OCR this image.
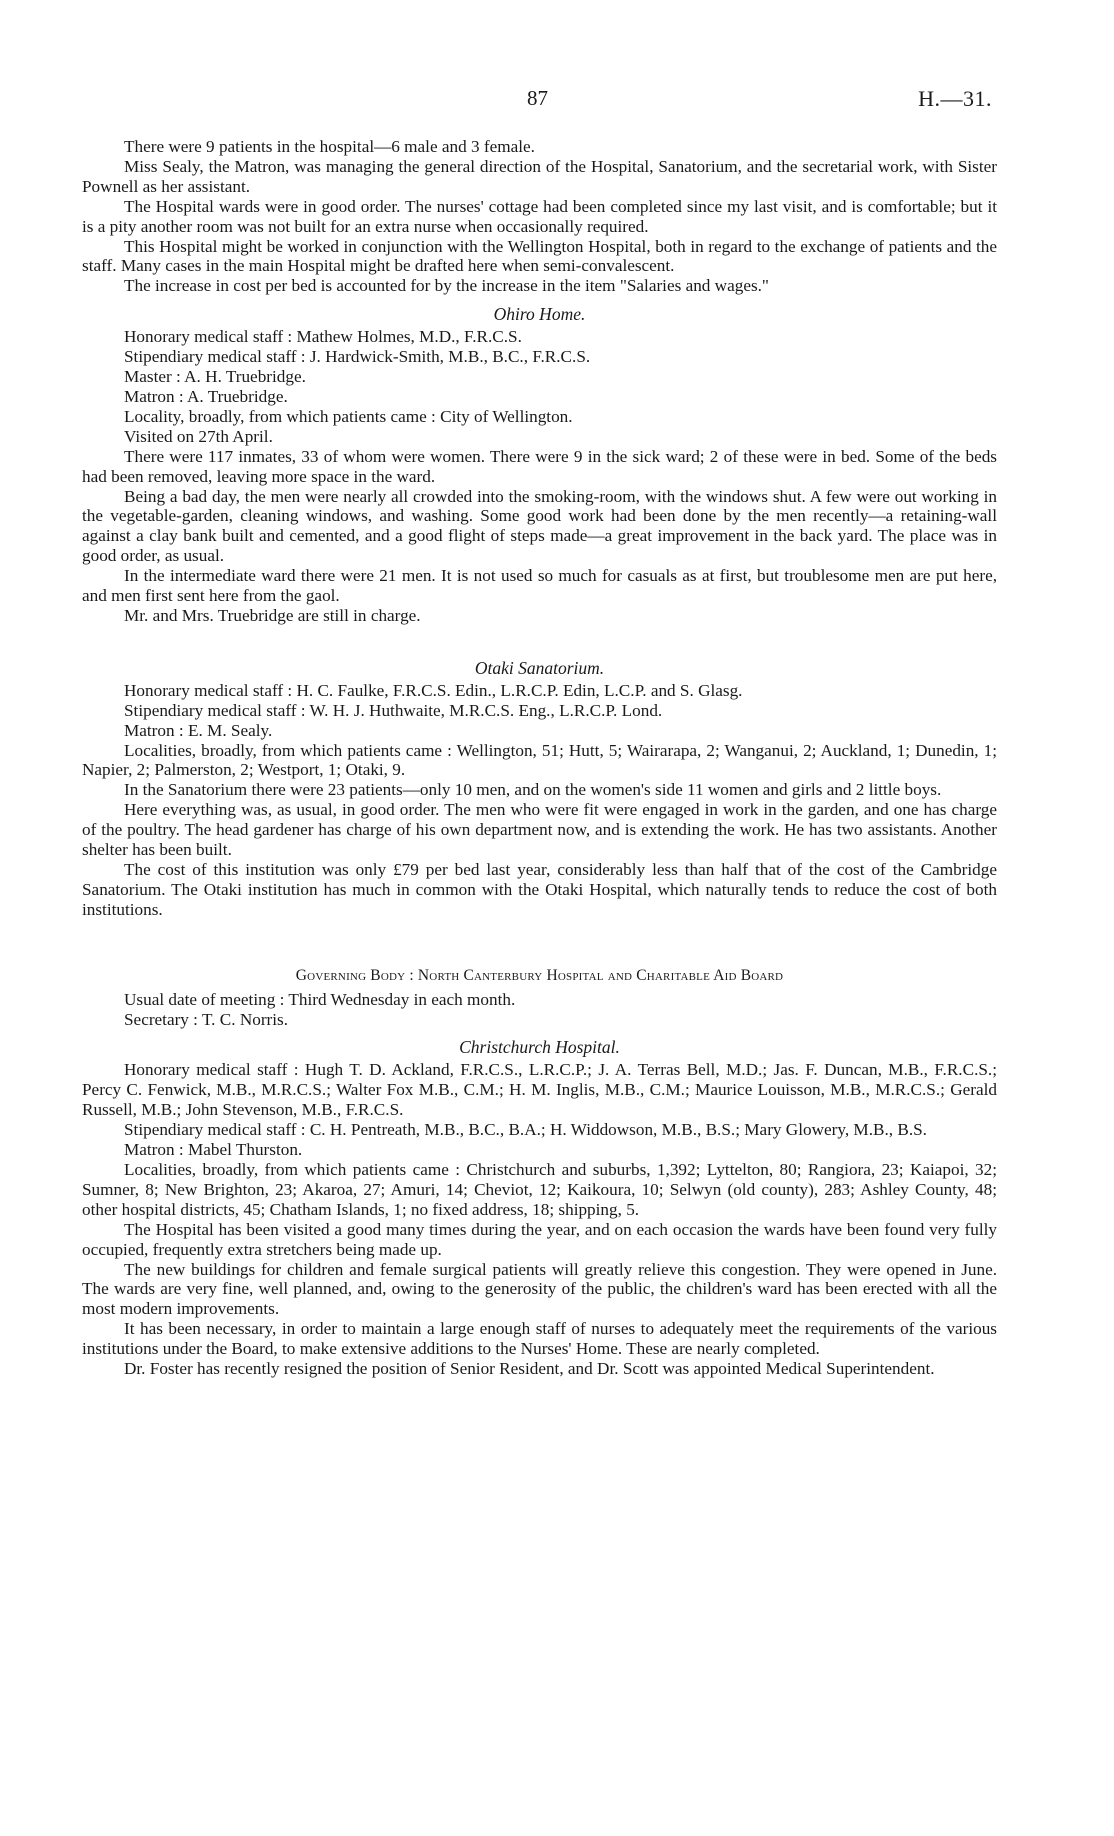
87	H.—31.

There were 9 patients in the hospital—6 male and 3 female.

Miss Sealy, the Matron, was managing the general direction of the Hospital, Sanatorium, and the secretarial work, with Sister Pownell as her assistant.

The Hospital wards were in good order. The nurses' cottage had been completed since my last visit, and is comfortable; but it is a pity another room was not built for an extra nurse when occasionally required.

This Hospital might be worked in conjunction with the Wellington Hospital, both in regard to the exchange of patients and the staff. Many cases in the main Hospital might be drafted here when semi-convalescent.

The increase in cost per bed is accounted for by the increase in the item "Salaries and wages."

Ohiro Home.

Honorary medical staff : Mathew Holmes, M.D., F.R.C.S.

Stipendiary medical staff : J. Hardwick-Smith, M.B., B.C., F.R.C.S.

Master : A. H. Truebridge.

Matron : A. Truebridge.

Locality, broadly, from which patients came : City of Wellington.

Visited on 27th April.

There were 117 inmates, 33 of whom were women. There were 9 in the sick ward; 2 of these were in bed. Some of the beds had been removed, leaving more space in the ward.

Being a bad day, the men were nearly all crowded into the smoking-room, with the windows shut. A few were out working in the vegetable-garden, cleaning windows, and washing. Some good work had been done by the men recently—a retaining-wall against a clay bank built and cemented, and a good flight of steps made—a great improvement in the back yard. The place was in good order, as usual.

In the intermediate ward there were 21 men. It is not used so much for casuals as at first, but troublesome men are put here, and men first sent here from the gaol.

Mr. and Mrs. Truebridge are still in charge.

Otaki Sanatorium.

Honorary medical staff : H. C. Faulke, F.R.C.S. Edin., L.R.C.P. Edin, L.C.P. and S. Glasg.

Stipendiary medical staff : W. H. J. Huthwaite, M.R.C.S. Eng., L.R.C.P. Lond.

Matron : E. M. Sealy.

Localities, broadly, from which patients came : Wellington, 51; Hutt, 5; Wairarapa, 2; Wanganui, 2; Auckland, 1; Dunedin, 1; Napier, 2; Palmerston, 2; Westport, 1; Otaki, 9.

In the Sanatorium there were 23 patients—only 10 men, and on the women's side 11 women and girls and 2 little boys.

Here everything was, as usual, in good order. The men who were fit were engaged in work in the garden, and one has charge of the poultry. The head gardener has charge of his own department now, and is extending the work. He has two assistants. Another shelter has been built.

The cost of this institution was only £79 per bed last year, considerably less than half that of the cost of the Cambridge Sanatorium. The Otaki institution has much in common with the Otaki Hospital, which naturally tends to reduce the cost of both institutions.

Governing Body : North Canterbury Hospital and Charitable Aid Board

Usual date of meeting : Third Wednesday in each month.

Secretary : T. C. Norris.

Christchurch Hospital.

Honorary medical staff : Hugh T. D. Ackland, F.R.C.S., L.R.C.P.; J. A. Terras Bell, M.D.; Jas. F. Duncan, M.B., F.R.C.S.; Percy C. Fenwick, M.B., M.R.C.S.; Walter Fox M.B., C.M.; H. M. Inglis, M.B., C.M.; Maurice Louisson, M.B., M.R.C.S.; Gerald Russell, M.B.; John Stevenson, M.B., F.R.C.S.

Stipendiary medical staff : C. H. Pentreath, M.B., B.C., B.A.; H. Widdowson, M.B., B.S.; Mary Glowery, M.B., B.S.

Matron : Mabel Thurston.

Localities, broadly, from which patients came : Christchurch and suburbs, 1,392; Lyttelton, 80; Rangiora, 23; Kaiapoi, 32; Sumner, 8; New Brighton, 23; Akaroa, 27; Amuri, 14; Cheviot, 12; Kaikoura, 10; Selwyn (old county), 283; Ashley County, 48; other hospital districts, 45; Chatham Islands, 1; no fixed address, 18; shipping, 5.

The Hospital has been visited a good many times during the year, and on each occasion the wards have been found very fully occupied, frequently extra stretchers being made up.

The new buildings for children and female surgical patients will greatly relieve this congestion. They were opened in June. The wards are very fine, well planned, and, owing to the generosity of the public, the children's ward has been erected with all the most modern improvements.

It has been necessary, in order to maintain a large enough staff of nurses to adequately meet the requirements of the various institutions under the Board, to make extensive additions to the Nurses' Home. These are nearly completed.

Dr. Foster has recently resigned the position of Senior Resident, and Dr. Scott was appointed Medical Superintendent.
